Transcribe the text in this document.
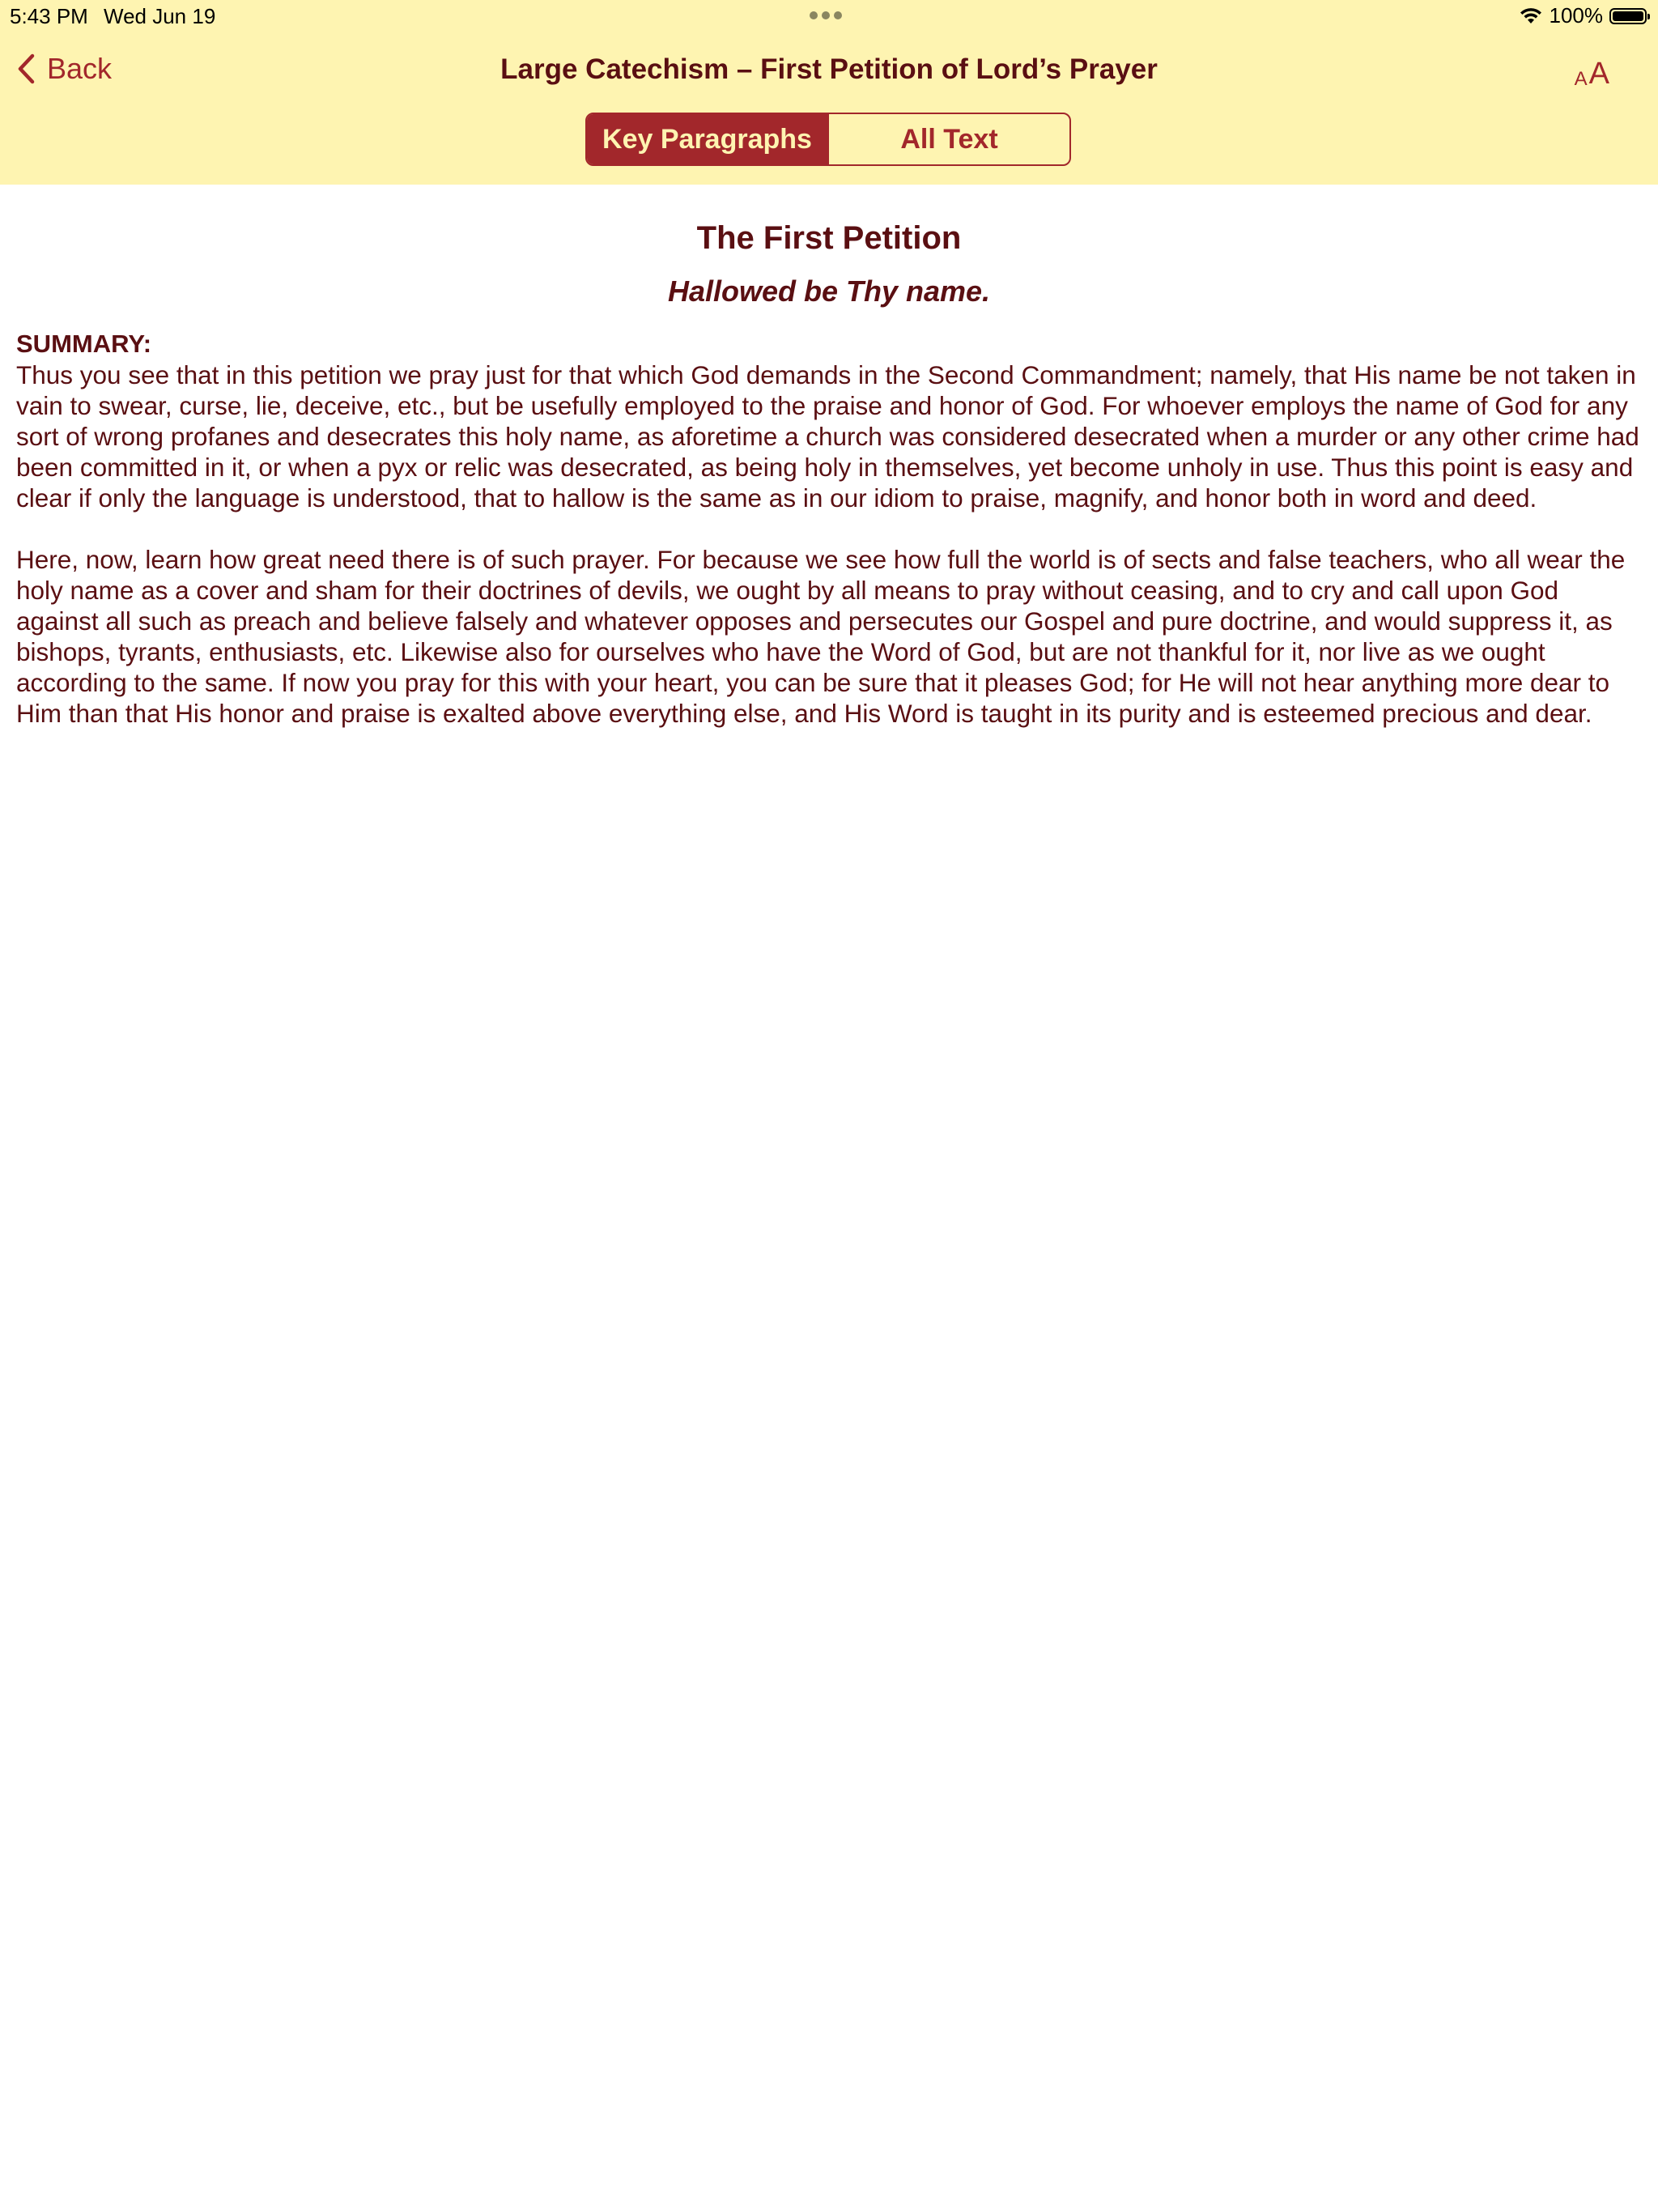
5:43 PM Wed Jun 19	100%
Back	Large Catechism – First Petition of Lord’s Prayer	A A
Key Paragraphs	All Text
The First Petition
Hallowed be Thy name.
SUMMARY:

Thus you see that in this petition we pray just for that which God demands in the Second Commandment; namely, that His name be not taken in vain to swear, curse, lie, deceive, etc., but be usefully employed to the praise and honor of God. For whoever employs the name of God for any sort of wrong profanes and desecrates this holy name, as aforetime a church was considered desecrated when a murder or any other crime had been committed in it, or when a pyx or relic was desecrated, as being holy in themselves, yet become unholy in use. Thus this point is easy and clear if only the language is understood, that to hallow is the same as in our idiom to praise, magnify, and honor both in word and deed.

Here, now, learn how great need there is of such prayer. For because we see how full the world is of sects and false teachers, who all wear the holy name as a cover and sham for their doctrines of devils, we ought by all means to pray without ceasing, and to cry and call upon God against all such as preach and believe falsely and whatever opposes and persecutes our Gospel and pure doctrine, and would suppress it, as bishops, tyrants, enthusiasts, etc. Likewise also for ourselves who have the Word of God, but are not thankful for it, nor live as we ought according to the same. If now you pray for this with your heart, you can be sure that it pleases God; for He will not hear anything more dear to Him than that His honor and praise is exalted above everything else, and His Word is taught in its purity and is esteemed precious and dear.
